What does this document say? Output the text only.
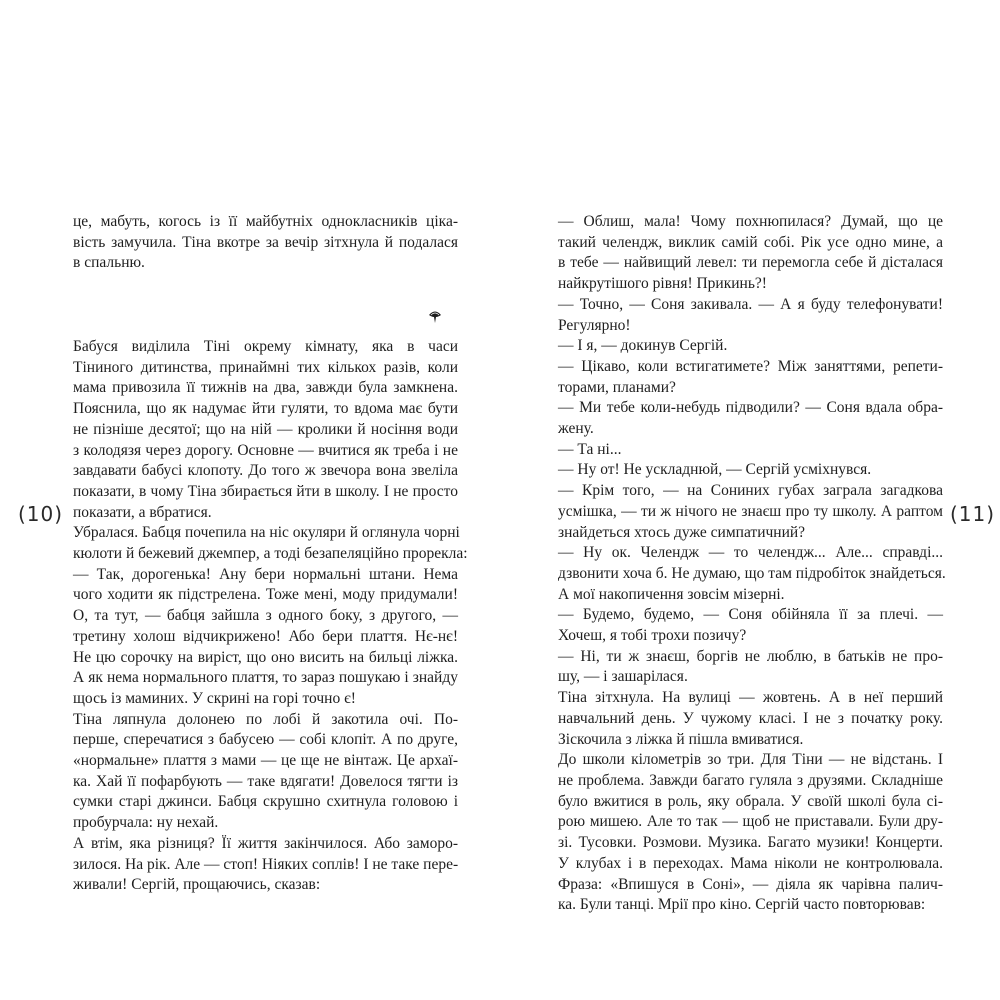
це, мабуть, когось із її майбутніх однокласників ціка-
вість замучила. Тіна вкотре за вечір зітхнула й подалася
в спальню.
Бабуся виділила Тіні окрему кімнату, яка в часи
Тіниного дитинства, принаймні тих кількох разів, коли
мама привозила її тижнів на два, завжди була замкнена.
Пояснила, що як надумає йти гуляти, то вдома має бути
не пізніше десятої; що на ній — кролики й носіння води
з колодязя через дорогу. Основне — вчитися як треба і не
завдавати бабусі клопоту. До того ж звечора вона звеліла
показати, в чому Тіна збирається йти в школу. І не просто
показати, а вбратися.
Убралася. Бабця почепила на ніс окуляри й оглянула чорні
кюлоти й бежевий джемпер, а тоді безапеляційно прорекла:
— Так, дорогенька! Ану бери нормальні штани. Нема
чого ходити як підстрелена. Тоже мені, моду придумали!
О, та тут, — бабця зайшла з одного боку, з другого, —
третину холош відчикрижено! Або бери плаття. Нє-нє!
Не цю сорочку на виріст, що оно висить на бильці ліжка.
А як нема нормального плаття, то зараз пошукаю і знайду
щось із маминих. У скрині на горі точно є!
Тіна ляпнула долонею по лобі й закотила очі. По-
перше, сперечатися з бабусею — собі клопіт. А по друге,
«нормальне» плаття з мами — це ще не вінтаж. Це архаї-
ка. Хай її пофарбують — таке вдягати! Довелося тягти із
сумки старі джинси. Бабця скрушно схитнула головою і
пробурчала: ну нехай.
А втім, яка різниця? Її життя закінчилося. Або заморо-
зилося. На рік. Але — стоп! Ніяких соплів! І не таке пере-
живали! Сергій, прощаючись, сказав:
(10)
— Облиш, мала! Чому похнюпилася? Думай, що це
такий челендж, виклик самій собі. Рік усе одно мине, а
в тебе — найвищий левел: ти перемогла себе й дісталася
найкрутішого рівня! Прикинь?!
— Точно, — Соня закивала. — А я буду телефонувати!
Регулярно!
— І я, — докинув Сергій.
— Цікаво, коли встигатимете? Між заняттями, репети-
торами, планами?
— Ми тебе коли-небудь підводили? — Соня вдала обра-
жену.
— Та ні...
— Ну от! Не ускладнюй, — Сергій усміхнувся.
— Крім того, — на Сониних губах заграла загадкова
усмішка, — ти ж нічого не знаєш про ту школу. А раптом
знайдеться хтось дуже симпатичний?
— Ну ок. Челендж — то челендж... Але... справді...
дзвонити хоча б. Не думаю, що там підробіток знайдеться.
А мої накопичення зовсім мізерні.
— Будемо, будемо, — Соня обійняла її за плечі. —
Хочеш, я тобі трохи позичу?
— Ні, ти ж знаєш, боргів не люблю, в батьків не про-
шу, — і зашарілася.
Тіна зітхнула. На вулиці — жовтень. А в неї перший
навчальний день. У чужому класі. І не з початку року.
Зіскочила з ліжка й пішла вмиватися.
До школи кілометрів зо три. Для Тіни — не відстань. І
не проблема. Завжди багато гуляла з друзями. Складніше
було вжитися в роль, яку обрала. У своїй школі була сі-
рою мишею. Але то так — щоб не приставали. Були дру-
зі. Тусовки. Розмови. Музика. Багато музики! Концерти.
У клубах і в переходах. Мама ніколи не контролювала.
Фраза: «Впишуся в Соні», — діяла як чарівна палич-
ка. Були танці. Мрії про кіно. Сергій часто повторював:
(11)
